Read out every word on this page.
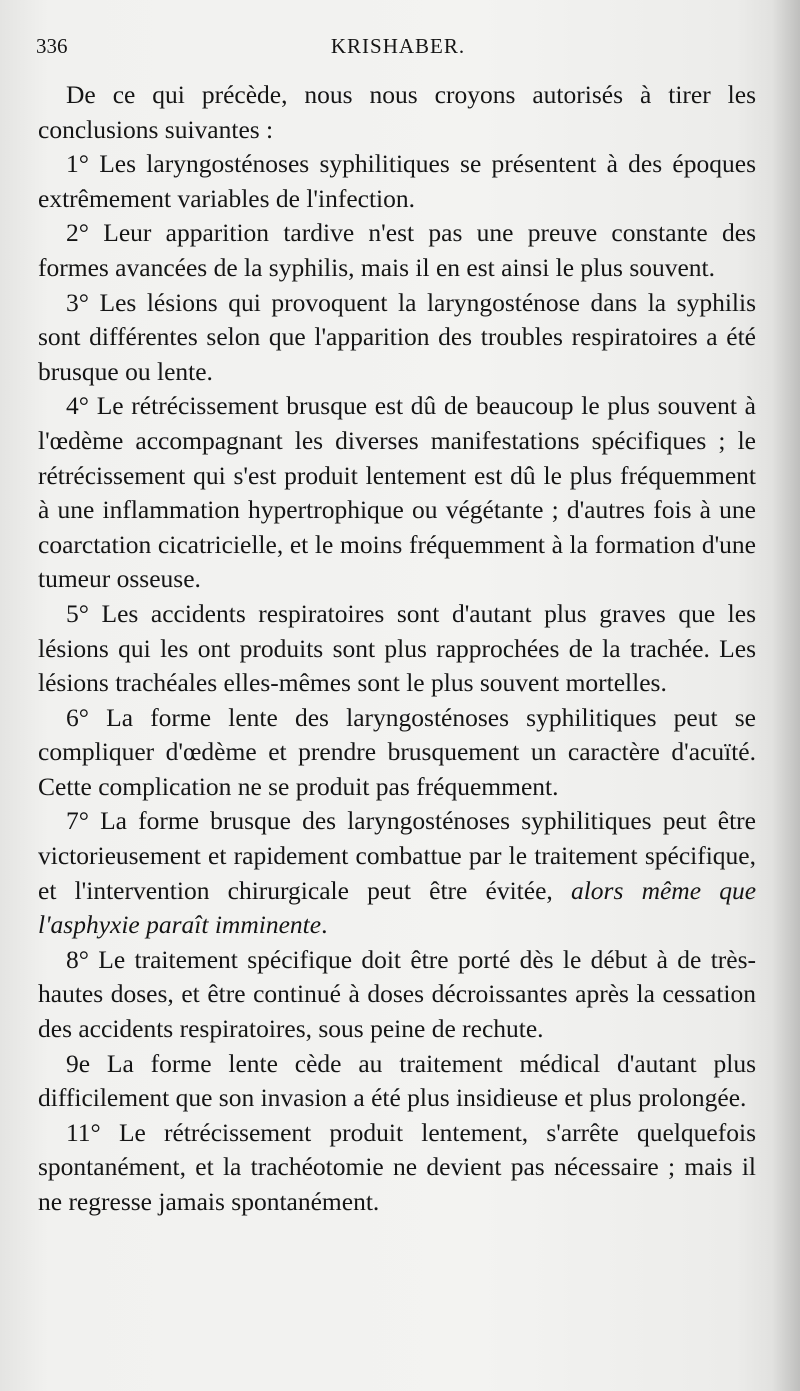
336	KRISHABER.

De ce qui précède, nous nous croyons autorisés à tirer les conclusions suivantes :

1° Les laryngosténoses syphilitiques se présentent à des époques extrêmement variables de l'infection.

2° Leur apparition tardive n'est pas une preuve constante des formes avancées de la syphilis, mais il en est ainsi le plus souvent.

3° Les lésions qui provoquent la laryngosténose dans la syphilis sont différentes selon que l'apparition des troubles respiratoires a été brusque ou lente.

4° Le rétrécissement brusque est dû de beaucoup le plus souvent à l'œdème accompagnant les diverses manifestations spécifiques ; le rétrécissement qui s'est produit lentement est dû le plus fréquemment à une inflammation hypertrophique ou végétante ; d'autres fois à une coarctation cicatricielle, et le moins fréquemment à la formation d'une tumeur osseuse.

5° Les accidents respiratoires sont d'autant plus graves que les lésions qui les ont produits sont plus rapprochées de la trachée. Les lésions trachéales elles-mêmes sont le plus souvent mortelles.

6° La forme lente des laryngosténoses syphilitiques peut se compliquer d'œdème et prendre brusquement un caractère d'acuïté. Cette complication ne se produit pas fréquemment.

7° La forme brusque des laryngosténoses syphilitiques peut être victorieusement et rapidement combattue par le traitement spécifique, et l'intervention chirurgicale peut être évitée, alors même que l'asphyxie paraît imminente.

8° Le traitement spécifique doit être porté dès le début à de très-hautes doses, et être continué à doses décroissantes après la cessation des accidents respiratoires, sous peine de rechute.

9e La forme lente cède au traitement médical d'autant plus difficilement que son invasion a été plus insidieuse et plus prolongée.

11° Le rétrécissement produit lentement, s'arrête quelquefois spontanément, et la trachéotomie ne devient pas nécessaire ; mais il ne regresse jamais spontanément.
